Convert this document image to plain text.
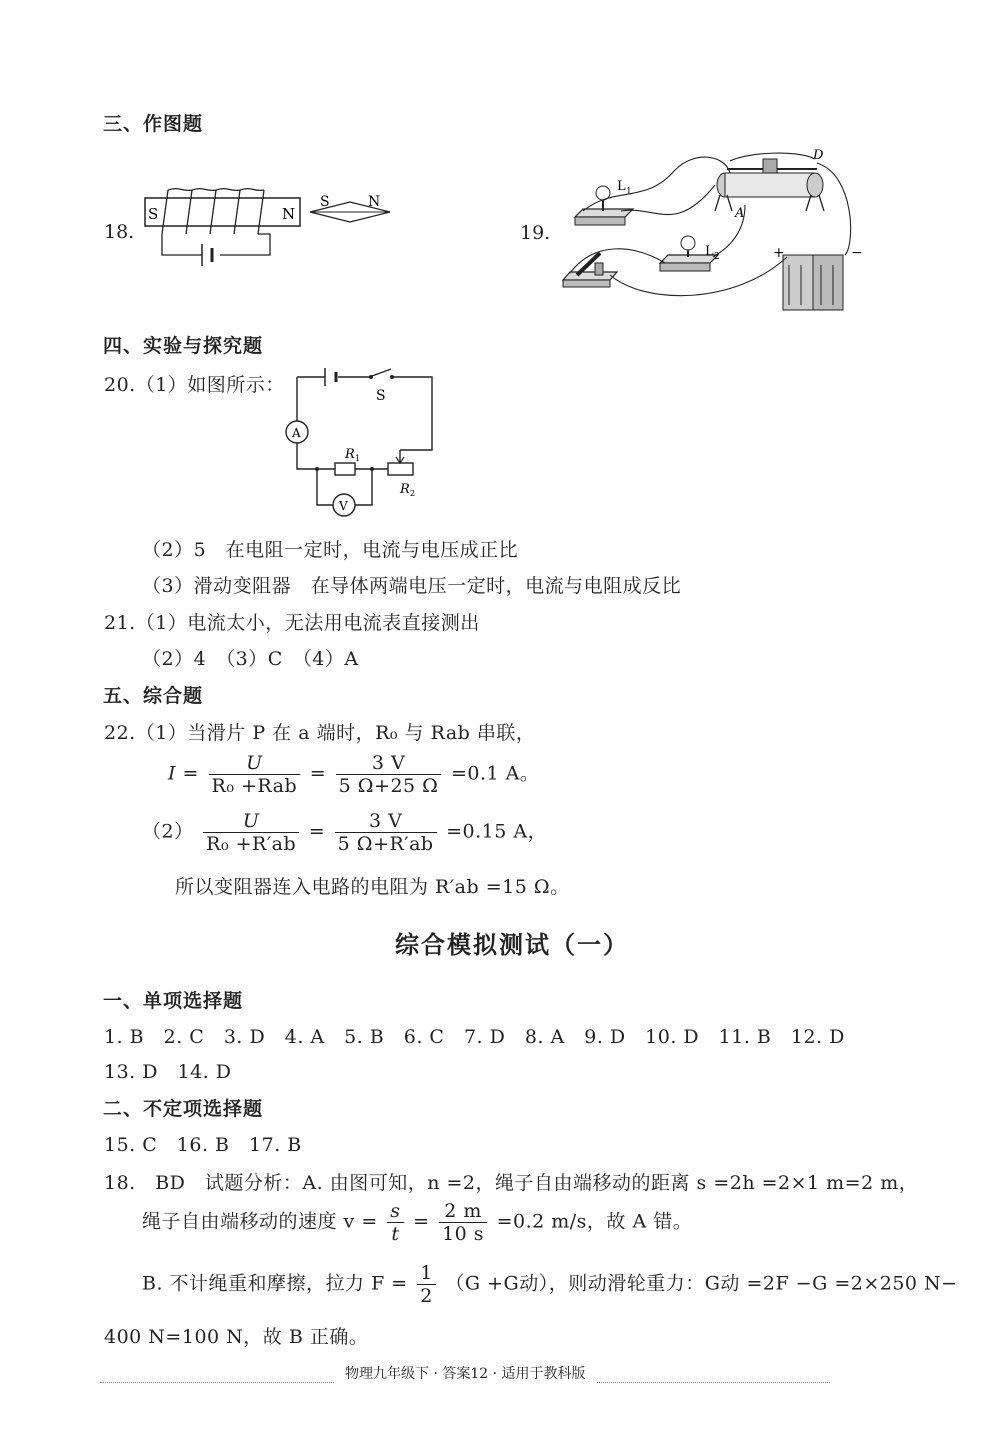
三、作图题
18.
S	N
S	N
19.
L 1
L 2
D
A
+	−
四、实验与探究题
20.（1）如图所示：	S
A
R 1
R 2
V
（2）5　在电阻一定时，电流与电压成正比
（3）滑动变阻器　在导体两端电压一定时，电流与电阻成反比
21.（1）电流太小，无法用电流表直接测出
（2）4　（3）C　（4）A
五、综合题
22.（1）当滑片 P 在 a 端时，R₀ 与 Rab 串联，
$I = \frac{U}{\text{R₀ +Rab}} = \frac{3 V}{5 \Omega+25 \Omega} =0.1$ A。
$(2) \frac{U}{\text{R₀ +R′ab}} = \frac{3 V}{5 \Omega+R'ab} =0.15$ A，
所以变阻器连入电路的电阻为 R′ab =15 Ω。
综合模拟测试（一）
一、单项选择题
1. B　2. C　3. D　4. A　5. B　6. C　7. D　8. A　9. D　10. D　11. B　12. D
13. D　14. D
二、不定项选择题
15. C　16. B　17. B
18.　BD　试题分析：A. 由图可知，n =2，绳子自由端移动的距离 s =2h =2×1 m=2 m，
绳子自由端移动的速度 $v = \frac{s}{t} = \frac{2 m}{10 s} =0.2$ m/s，故 A 错。
B. 不计绳重和摩擦，拉力 $F = \frac{1}{2} (G +G$动），则动滑轮重力：G动 =2F −G =2×250 N−
400 N=100 N，故 B 正确。
物理九年级下 · 答案12 · 适用于教科版
